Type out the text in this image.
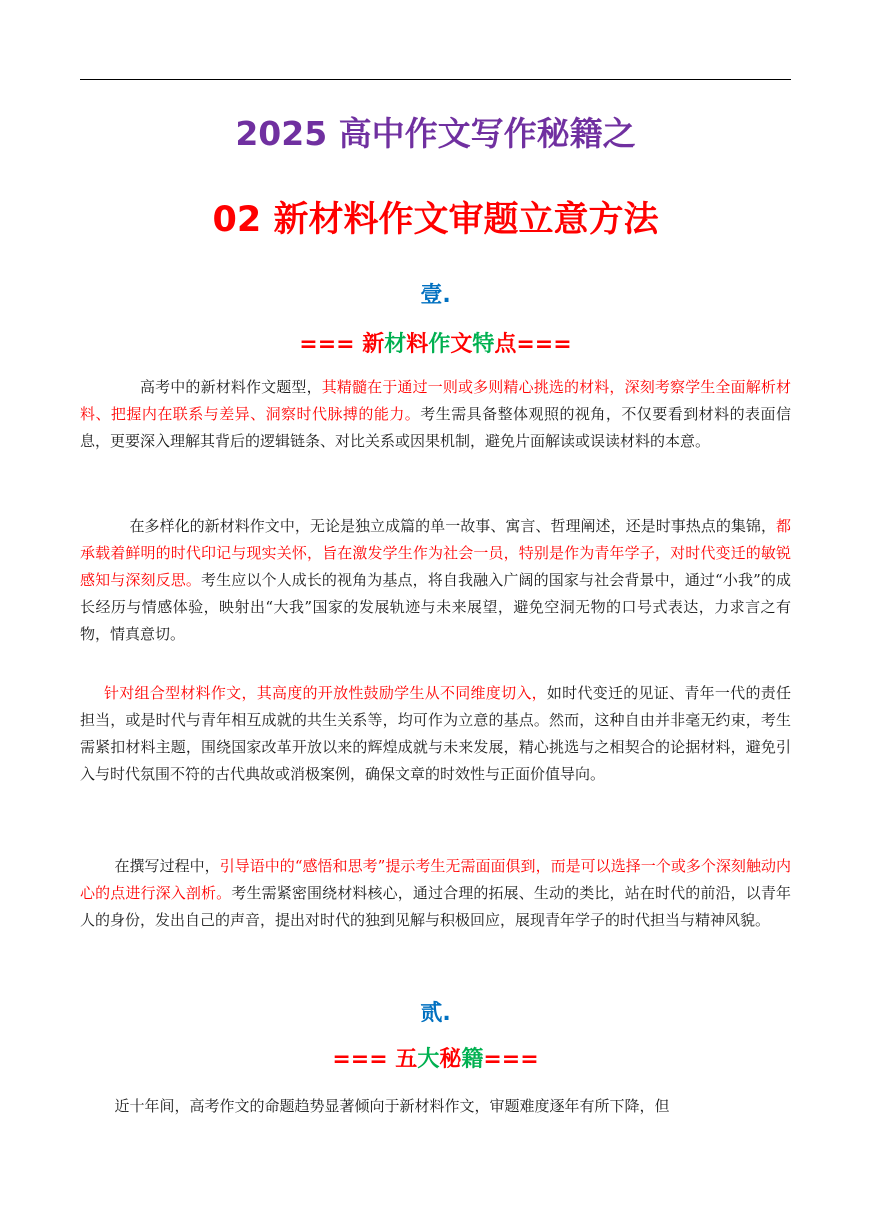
2025 高中作文写作秘籍之
02 新材料作文审题立意方法
壹.
=== 新材料作文特点===

高考中的新材料作文题型，其精髓在于通过一则或多则精心挑选的材料，深刻考察学生全面解析材料、把握内在联系与差异、洞察时代脉搏的能力。考生需具备整体观照的视角，不仅要看到材料的表面信息，更要深入理解其背后的逻辑链条、对比关系或因果机制，避免片面解读或误读材料的本意。

在多样化的新材料作文中，无论是独立成篇的单一故事、寓言、哲理阐述，还是时事热点的集锦，都承载着鲜明的时代印记与现实关怀，旨在激发学生作为社会一员，特别是作为青年学子，对时代变迁的敏锐感知与深刻反思。考生应以个人成长的视角为基点，将自我融入广阔的国家与社会背景中，通过“小我”的成长经历与情感体验，映射出“大我”国家的发展轨迹与未来展望，避免空洞无物的口号式表达，力求言之有物，情真意切。

针对组合型材料作文，其高度的开放性鼓励学生从不同维度切入，如时代变迁的见证、青年一代的责任担当，或是时代与青年相互成就的共生关系等，均可作为立意的基点。然而，这种自由并非毫无约束，考生需紧扣材料主题，围绕国家改革开放以来的辉煌成就与未来发展，精心挑选与之相契合的论据材料，避免引入与时代氛围不符的古代典故或消极案例，确保文章的时效性与正面价值导向。

在撰写过程中，引导语中的“感悟和思考”提示考生无需面面俱到，而是可以选择一个或多个深刻触动内心的点进行深入剖析。考生需紧密围绕材料核心，通过合理的拓展、生动的类比，站在时代的前沿，以青年人的身份，发出自己的声音，提出对时代的独到见解与积极回应，展现青年学子的时代担当与精神风貌。

贰.
=== 五大秘籍===

近十年间，高考作文的命题趋势显著倾向于新材料作文，审题难度逐年有所下降，但
